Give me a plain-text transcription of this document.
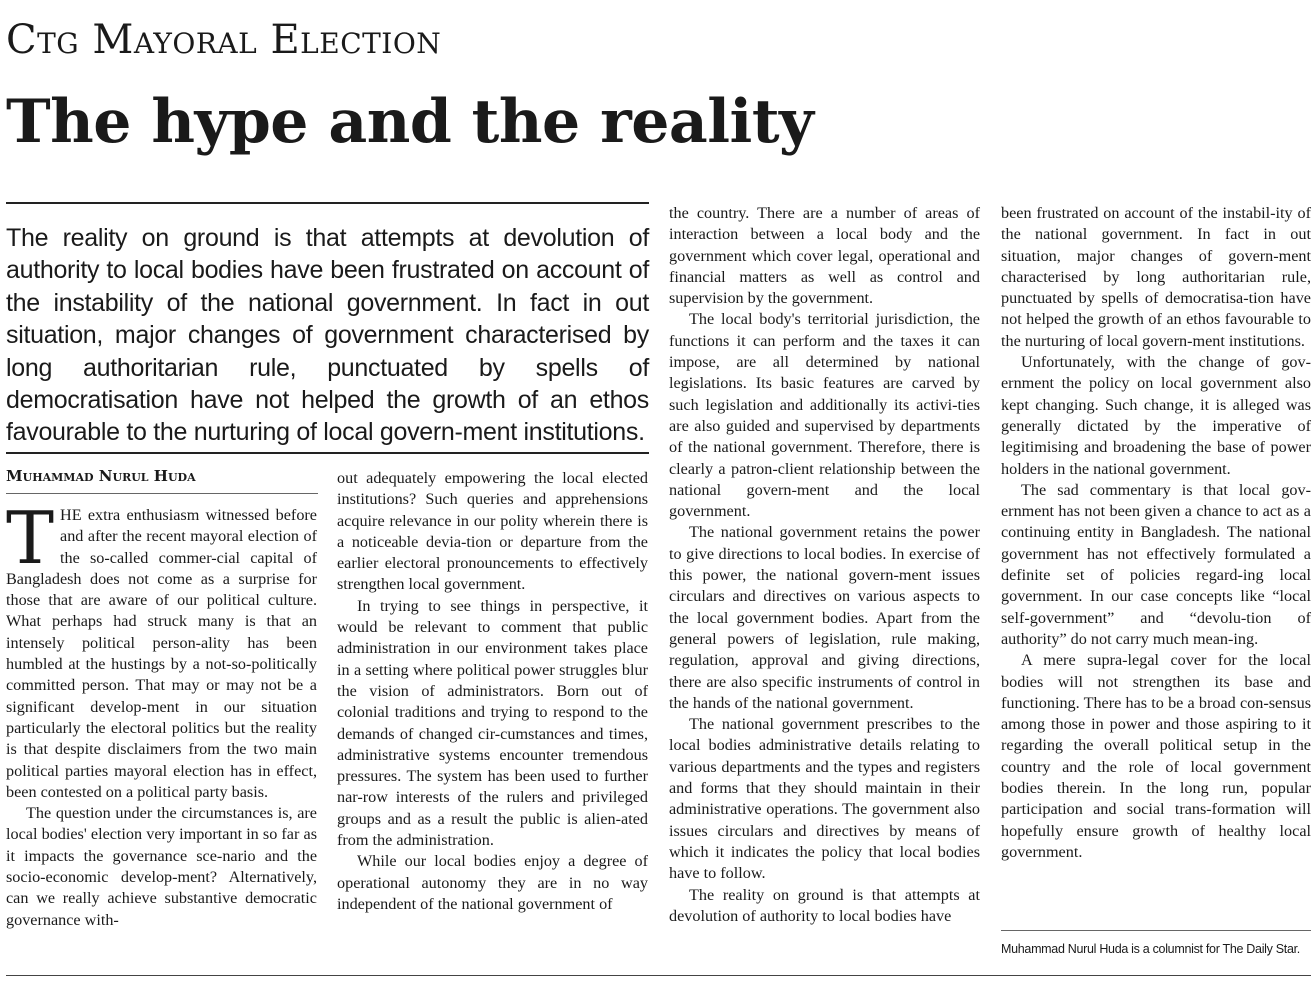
Ctg Mayoral Election
The hype and the reality
The reality on ground is that attempts at devolution of authority to local bodies have been frustrated on account of the instability of the national government. In fact in out situation, major changes of government characterised by long authoritarian rule, punctuated by spells of democratisation have not helped the growth of an ethos favourable to the nurturing of local govern-ment institutions.
Muhammad Nurul Huda

THE extra enthusiasm witnessed before and after the recent mayoral election of the so-called commer-cial capital of Bangladesh does not come as a surprise for those that are aware of our political culture. What perhaps had struck many is that an intensely political person-ality has been humbled at the hustings by a not-so-politically committed person. That may or may not be a significant develop-ment in our situation particularly the electoral politics but the reality is that despite disclaimers from the two main political parties mayoral election has in effect, been contested on a political party basis.

The question under the circumstances is, are local bodies' election very important in so far as it impacts the governance sce-nario and the socio-economic develop-ment? Alternatively, can we really achieve substantive democratic governance with-

out adequately empowering the local elected institutions? Such queries and apprehensions acquire relevance in our polity wherein there is a noticeable devia-tion or departure from the earlier electoral pronouncements to effectively strengthen local government.

In trying to see things in perspective, it would be relevant to comment that public administration in our environment takes place in a setting where political power struggles blur the vision of administrators. Born out of colonial traditions and trying to respond to the demands of changed cir-cumstances and times, administrative systems encounter tremendous pressures. The system has been used to further nar-row interests of the rulers and privileged groups and as a result the public is alien-ated from the administration.

While our local bodies enjoy a degree of operational autonomy they are in no way independent of the national government of

the country. There are a number of areas of interaction between a local body and the government which cover legal, operational and financial matters as well as control and supervision by the government.

The local body's territorial jurisdiction, the functions it can perform and the taxes it can impose, are all determined by national legislations. Its basic features are carved by such legislation and additionally its activi-ties are also guided and supervised by departments of the national government. Therefore, there is clearly a patron-client relationship between the national govern-ment and the local government.

The national government retains the power to give directions to local bodies. In exercise of this power, the national govern-ment issues circulars and directives on various aspects to the local government bodies. Apart from the general powers of legislation, rule making, regulation, approval and giving directions, there are also specific instruments of control in the hands of the national government.

The national government prescribes to the local bodies administrative details relating to various departments and the types and registers and forms that they should maintain in their administrative operations. The government also issues circulars and directives by means of which it indicates the policy that local bodies have to follow.

The reality on ground is that attempts at devolution of authority to local bodies have

been frustrated on account of the instabil-ity of the national government. In fact in out situation, major changes of govern-ment characterised by long authoritarian rule, punctuated by spells of democratisa-tion have not helped the growth of an ethos favourable to the nurturing of local govern-ment institutions.

Unfortunately, with the change of gov-ernment the policy on local government also kept changing. Such change, it is alleged was generally dictated by the imperative of legitimising and broadening the base of power holders in the national government.

The sad commentary is that local gov-ernment has not been given a chance to act as a continuing entity in Bangladesh. The national government has not effectively formulated a definite set of policies regard-ing local government. In our case concepts like “local self-government” and “devolu-tion of authority” do not carry much mean-ing.

A mere supra-legal cover for the local bodies will not strengthen its base and functioning. There has to be a broad con-sensus among those in power and those aspiring to it regarding the overall political setup in the country and the role of local government bodies therein. In the long run, popular participation and social trans-formation will hopefully ensure growth of healthy local government.

Muhammad Nurul Huda is a columnist for The Daily Star.
